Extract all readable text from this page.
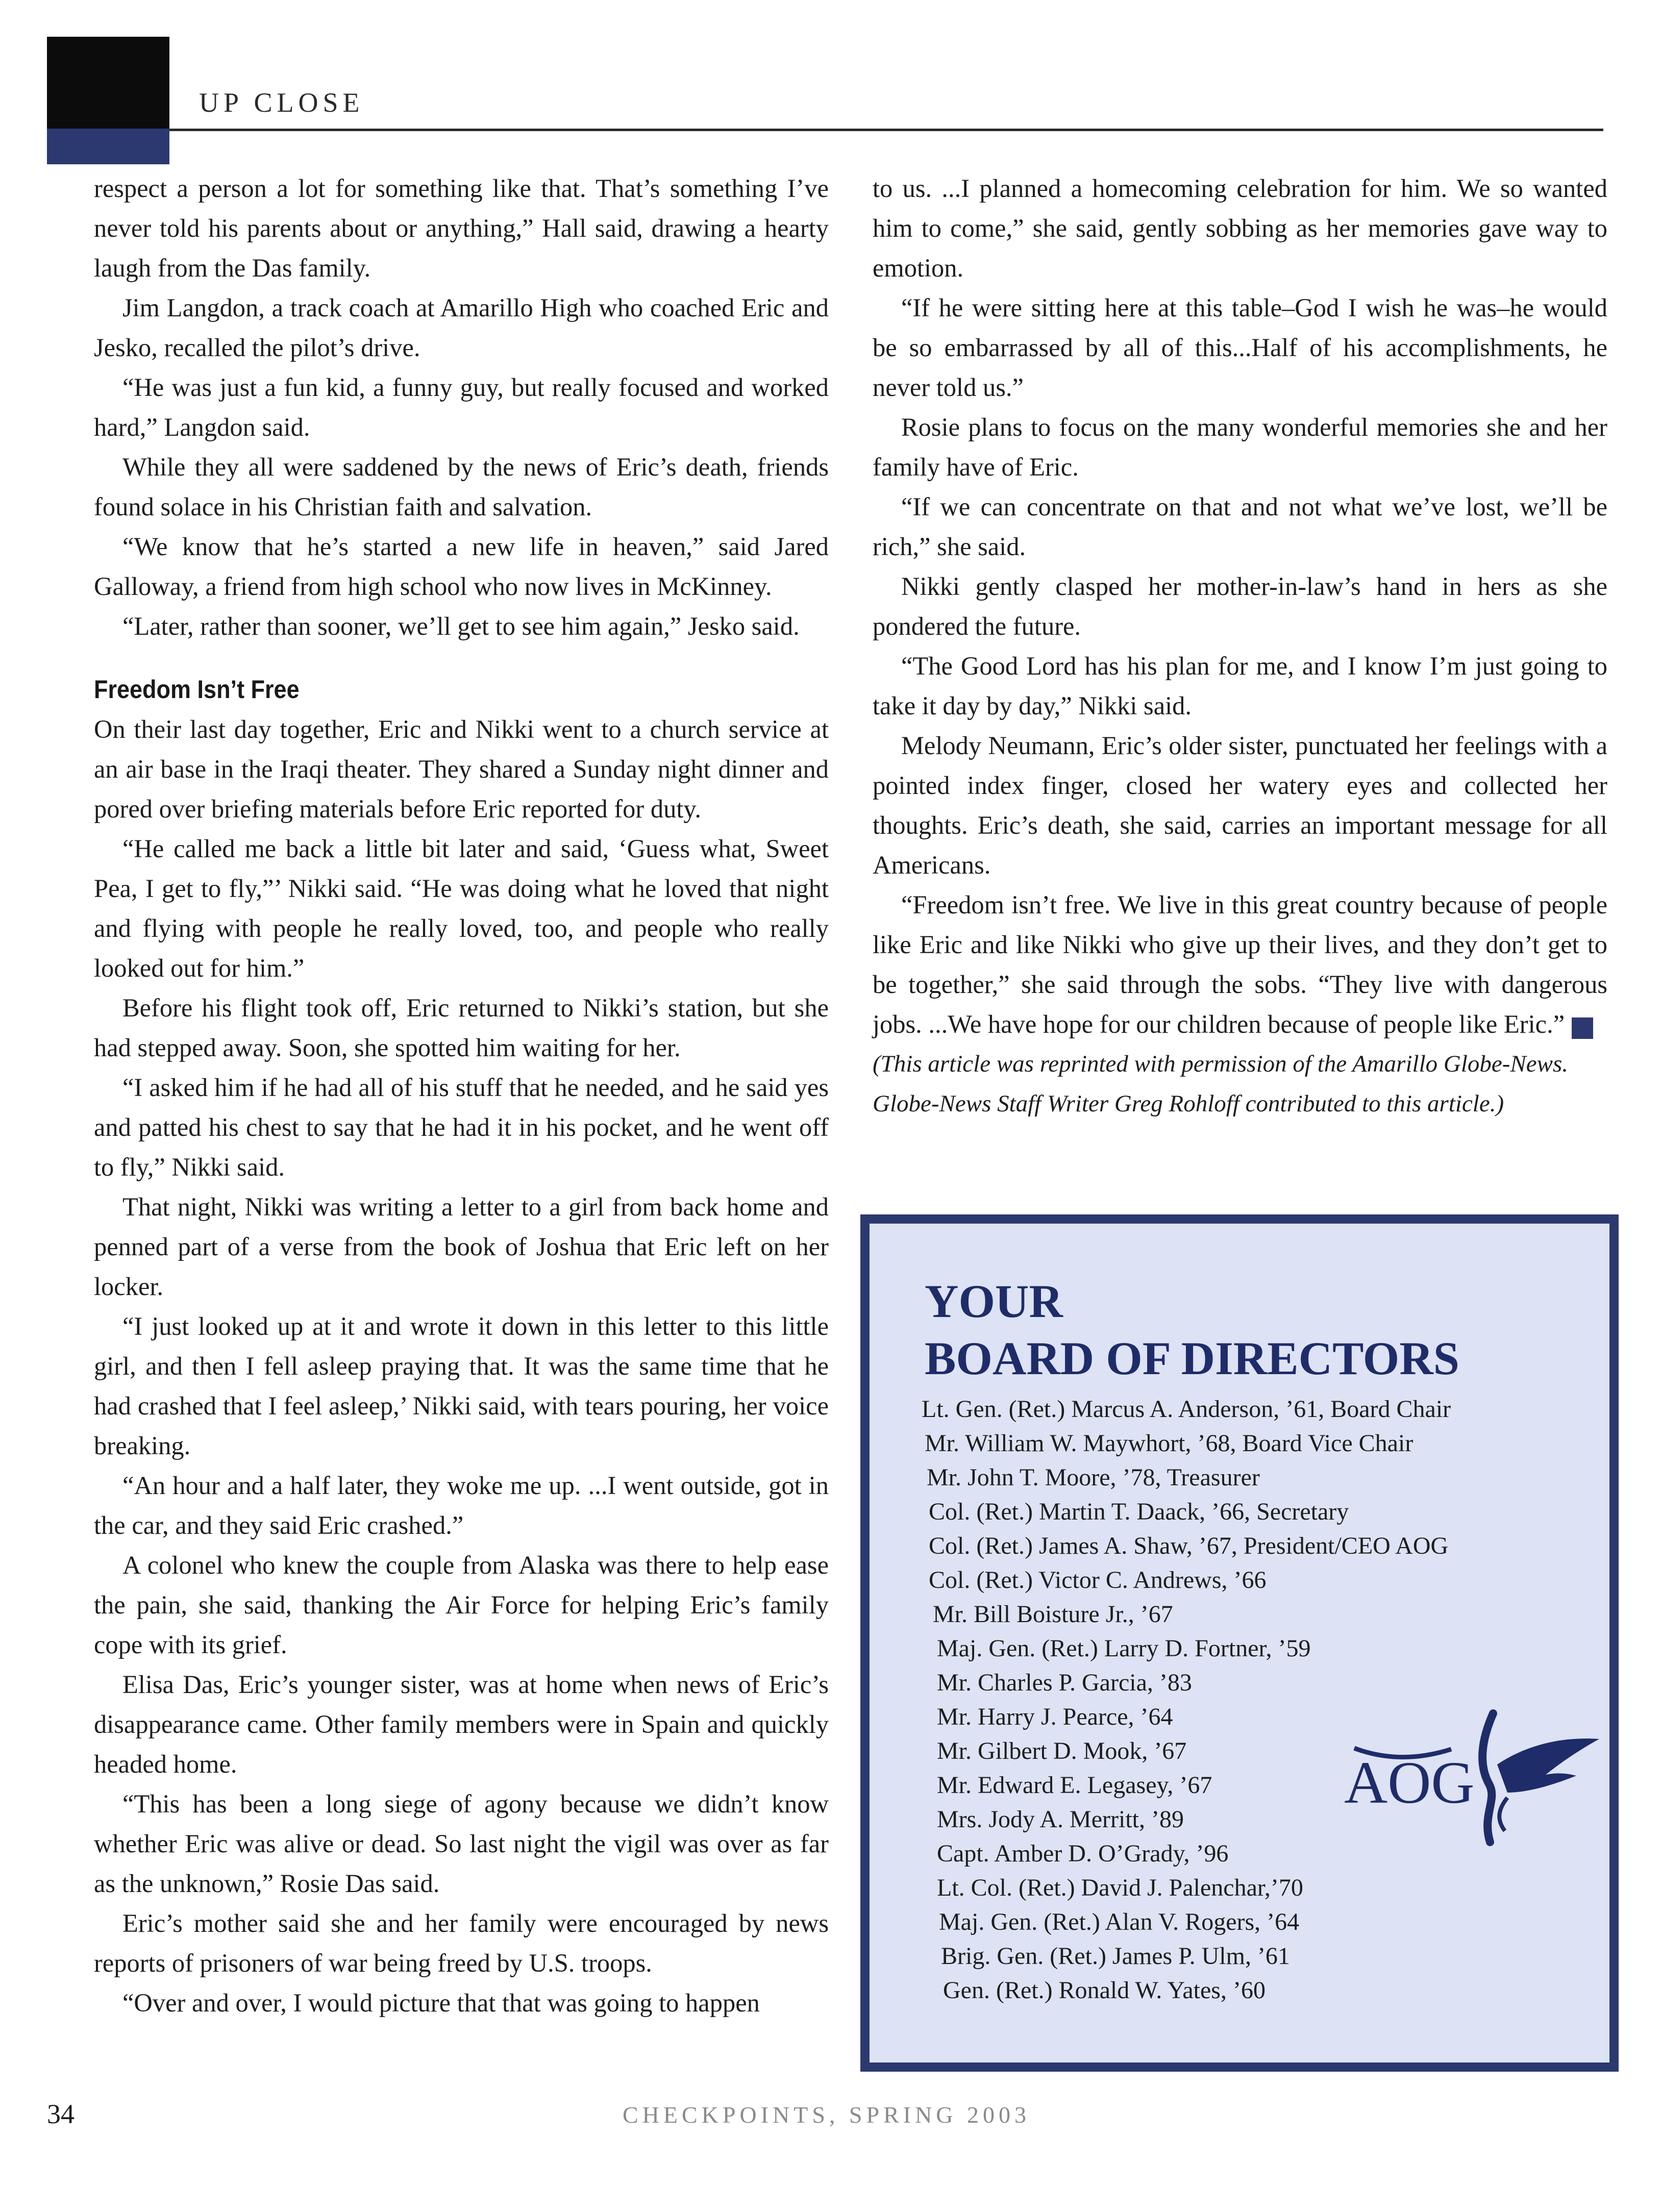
UP CLOSE

respect a person a lot for something like that. That’s something I’ve never told his parents about or anything,” Hall said, drawing a hearty laugh from the Das family.

Jim Langdon, a track coach at Amarillo High who coached Eric and Jesko, recalled the pilot’s drive.

“He was just a fun kid, a funny guy, but really focused and worked hard,” Langdon said.

While they all were saddened by the news of Eric’s death, friends found solace in his Christian faith and salvation.

“We know that he’s started a new life in heaven,” said Jared Galloway, a friend from high school who now lives in McKinney.

“Later, rather than sooner, we’ll get to see him again,” Jesko said.

Freedom Isn’t Free

On their last day together, Eric and Nikki went to a church service at an air base in the Iraqi theater. They shared a Sunday night dinner and pored over briefing materials before Eric reported for duty.

“He called me back a little bit later and said, ‘Guess what, Sweet Pea, I get to fly,”’ Nikki said. “He was doing what he loved that night and flying with people he really loved, too, and people who really looked out for him.”

Before his flight took off, Eric returned to Nikki’s station, but she had stepped away. Soon, she spotted him waiting for her.

“I asked him if he had all of his stuff that he needed, and he said yes and patted his chest to say that he had it in his pocket, and he went off to fly,” Nikki said.

That night, Nikki was writing a letter to a girl from back home and penned part of a verse from the book of Joshua that Eric left on her locker.

“I just looked up at it and wrote it down in this letter to this little girl, and then I fell asleep praying that. It was the same time that he had crashed that I feel asleep,’ Nikki said, with tears pouring, her voice breaking.

“An hour and a half later, they woke me up. ...I went outside, got in the car, and they said Eric crashed.”

A colonel who knew the couple from Alaska was there to help ease the pain, she said, thanking the Air Force for helping Eric’s family cope with its grief.

Elisa Das, Eric’s younger sister, was at home when news of Eric’s disappearance came. Other family members were in Spain and quickly headed home.

“This has been a long siege of agony because we didn’t know whether Eric was alive or dead. So last night the vigil was over as far as the unknown,” Rosie Das said.

Eric’s mother said she and her family were encouraged by news reports of prisoners of war being freed by U.S. troops.

“Over and over, I would picture that that was going to happen

to us. ...I planned a homecoming celebration for him. We so wanted him to come,” she said, gently sobbing as her memories gave way to emotion.

“If he were sitting here at this table–God I wish he was–he would be so embarrassed by all of this...Half of his accomplishments, he never told us.”

Rosie plans to focus on the many wonderful memories she and her family have of Eric.

“If we can concentrate on that and not what we’ve lost, we’ll be rich,” she said.

Nikki gently clasped her mother-in-law’s hand in hers as she pondered the future.

“The Good Lord has his plan for me, and I know I’m just going to take it day by day,” Nikki said.

Melody Neumann, Eric’s older sister, punctuated her feelings with a pointed index finger, closed her watery eyes and collected her thoughts. Eric’s death, she said, carries an important message for all Americans.

“Freedom isn’t free. We live in this great country because of people like Eric and like Nikki who give up their lives, and they don’t get to be together,” she said through the sobs. “They live with dangerous jobs. ...We have hope for our children because of people like Eric.” ✓

(This article was reprinted with permission of the Amarillo Globe-News. Globe-News Staff Writer Greg Rohloff contributed to this article.)

YOUR
BOARD OF DIRECTORS
Lt. Gen. (Ret.) Marcus A. Anderson, ’61, Board Chair
Mr. William W. Maywhort, ’68, Board Vice Chair
Mr. John T. Moore, ’78, Treasurer
Col. (Ret.) Martin T. Daack, ’66, Secretary
Col. (Ret.) James A. Shaw, ’67, President/CEO AOG
Col. (Ret.) Victor C. Andrews, ’66
Mr. Bill Boisture Jr., ’67
Maj. Gen. (Ret.) Larry D. Fortner, ’59
Mr. Charles P. Garcia, ’83
Mr. Harry J. Pearce, ’64
Mr. Gilbert D. Mook, ’67
Mr. Edward E. Legasey, ’67
Mrs. Jody A. Merritt, ’89
Capt. Amber D. O’Grady, ’96
Lt. Col. (Ret.) David J. Palenchar,’70
Maj. Gen. (Ret.) Alan V. Rogers, ’64
Brig. Gen. (Ret.) James P. Ulm, ’61
Gen. (Ret.) Ronald W. Yates, ’60
AOG
34	CHECKPOINTS, SPRING 2003
